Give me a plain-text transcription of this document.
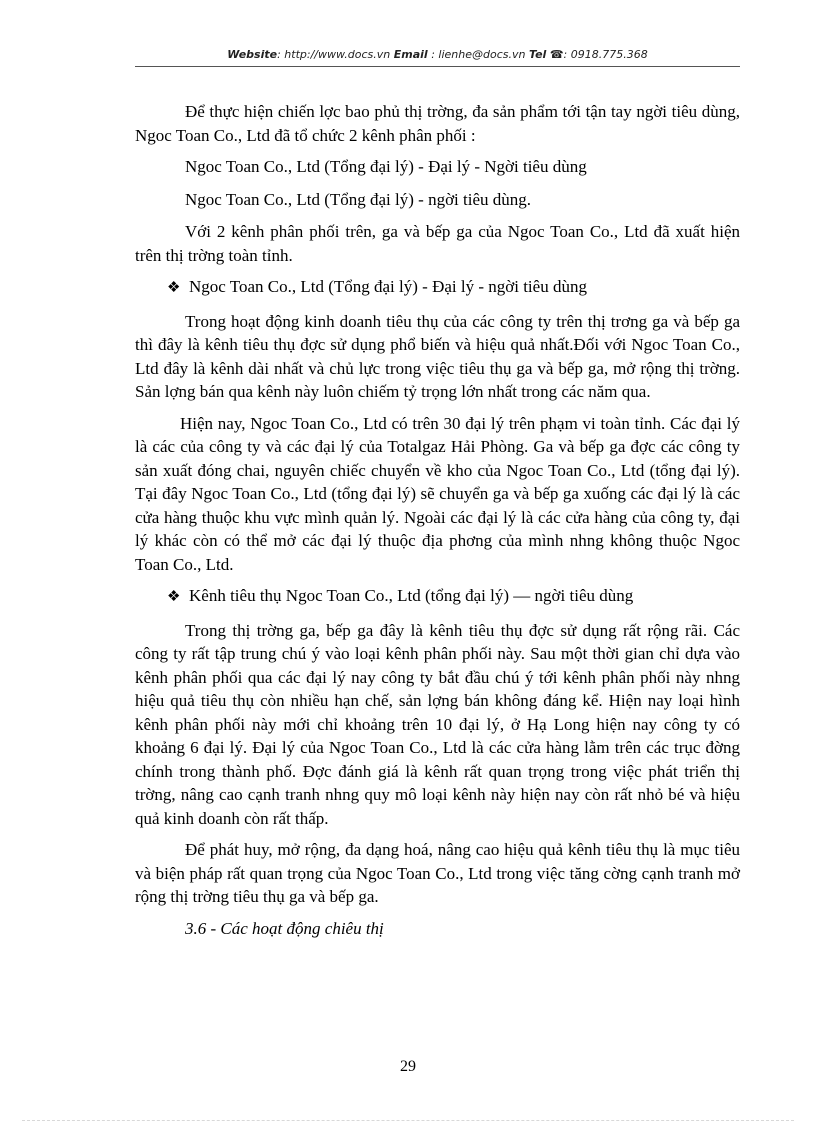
Website: http://www.docs.vn Email : lienhe@docs.vn Tel ☎: 0918.775.368

Để thực hiện chiến lợc bao phủ thị trờng, đa sản phẩm tới tận tay ngời tiêu dùng, Ngoc Toan Co., Ltd đã tổ chức 2 kênh phân phối :

Ngoc Toan Co., Ltd (Tổng đại lý) - Đại lý - Ngời tiêu dùng

Ngoc Toan Co., Ltd (Tổng đại lý) - ngời tiêu dùng.

Với 2 kênh phân phối trên, ga và bếp ga của Ngoc Toan Co., Ltd đã xuất hiện trên thị trờng toàn tỉnh.

❖ Ngoc Toan Co., Ltd (Tổng đại lý) - Đại lý - ngời tiêu dùng

Trong hoạt động kinh doanh tiêu thụ của các công ty trên thị trơng ga và bếp ga thì đây là kênh tiêu thụ đợc sử dụng phổ biến và hiệu quả nhất.Đối với Ngoc Toan Co., Ltd đây là kênh dài nhất và chủ lực trong việc tiêu thụ ga và bếp ga, mở rộng thị trờng. Sản lợng bán qua kênh này luôn chiếm tỷ trọng lớn nhất trong các năm qua.

Hiện nay, Ngoc Toan Co., Ltd có trên 30 đại lý trên phạm vi toàn tỉnh. Các đại lý là các của công ty và các đại lý của Totalgaz Hải Phòng. Ga và bếp ga đợc các công ty sản xuất đóng chai, nguyên chiếc chuyển về kho của Ngoc Toan Co., Ltd (tổng đại lý). Tại đây Ngoc Toan Co., Ltd (tổng đại lý) sẽ chuyển ga và bếp ga xuống các đại lý là các cửa hàng thuộc khu vực mình quản lý. Ngoài các đại lý là các cửa hàng của công ty, đại lý khác còn có thể mở các đại lý thuộc địa phơng của mình nhng không thuộc Ngoc Toan Co., Ltd.

❖ Kênh tiêu thụ Ngoc Toan Co., Ltd (tổng đại lý) — ngời tiêu dùng

Trong thị trờng ga, bếp ga đây là kênh tiêu thụ đợc sử dụng rất rộng rãi. Các công ty rất tập trung chú ý vào loại kênh phân phối này. Sau một thời gian chỉ dựa vào kênh phân phối qua các đại lý nay công ty bắt đầu chú ý tới kênh phân phối này nhng hiệu quả tiêu thụ còn nhiều hạn chế, sản lợng bán không đáng kể. Hiện nay loại hình kênh phân phối này mới chỉ khoảng trên 10 đại lý, ở Hạ Long hiện nay công ty có khoảng 6 đại lý. Đại lý của Ngoc Toan Co., Ltd là các cửa hàng lằm trên các trục đờng chính trong thành phố. Đợc đánh giá là kênh rất quan trọng trong việc phát triển thị trờng, nâng cao cạnh tranh nhng quy mô loại kênh này hiện nay còn rất nhỏ bé và hiệu quả kinh doanh còn rất thấp.

Để phát huy, mở rộng, đa dạng hoá, nâng cao hiệu quả kênh tiêu thụ là mục tiêu và biện pháp rất quan trọng của Ngoc Toan Co., Ltd trong việc tăng cờng cạnh tranh mở rộng thị trờng tiêu thụ ga và bếp ga.

3.6 - Các hoạt động chiêu thị

29
